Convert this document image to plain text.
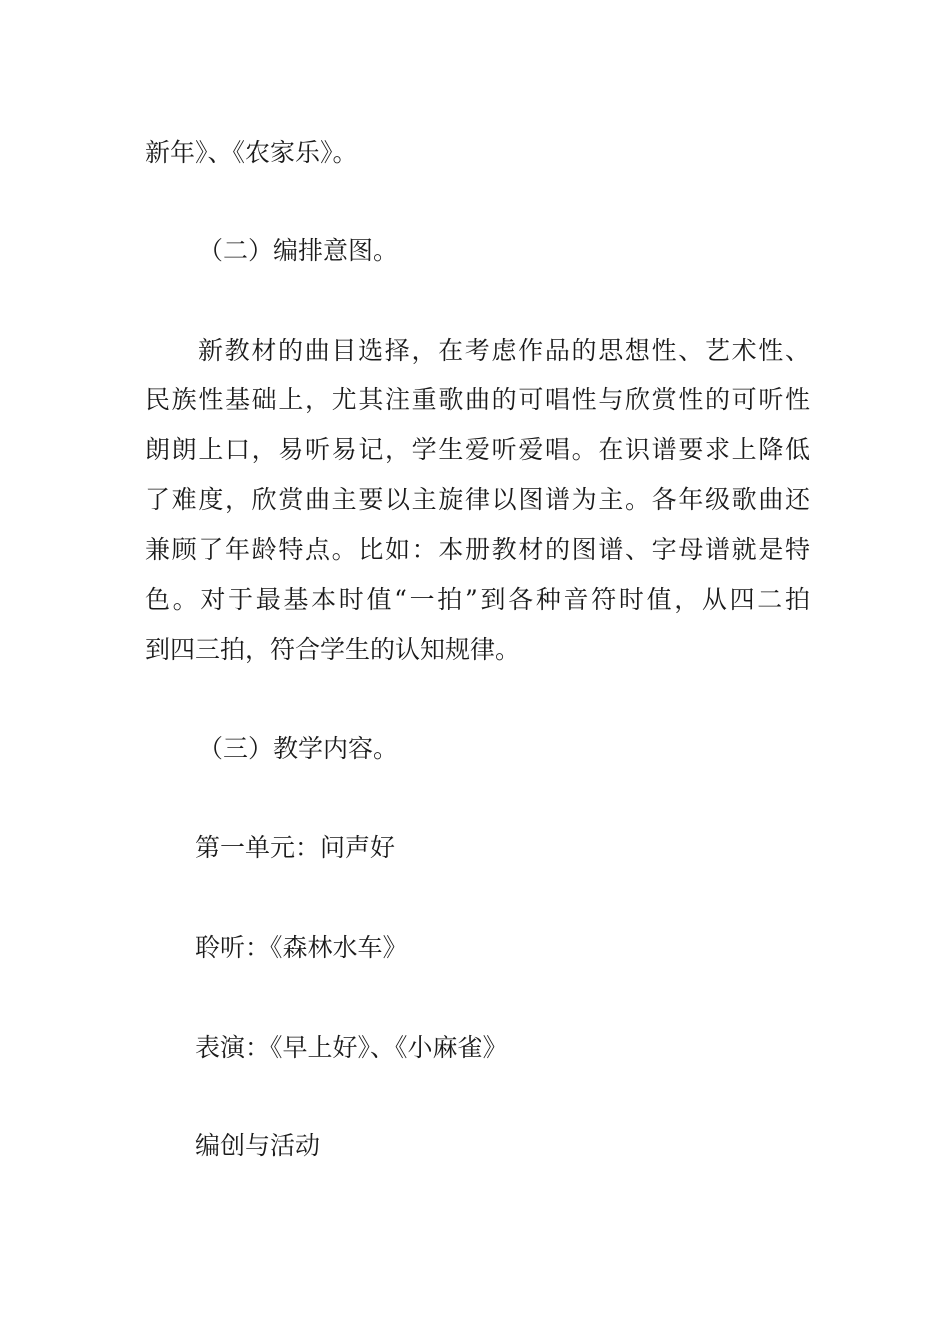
新年》、《农家乐》。
（二）编排意图。
新教材的曲目选择，在考虑作品的思想性、艺术性、
民族性基础上，尤其注重歌曲的可唱性与欣赏性的可听性
朗朗上口，易听易记，学生爱听爱唱。在识谱要求上降低
了难度，欣赏曲主要以主旋律以图谱为主。各年级歌曲还
兼顾了年龄特点。比如：本册教材的图谱、字母谱就是特
色。对于最基本时值“一拍”到各种音符时值，从四二拍
到四三拍，符合学生的认知规律。
（三）教学内容。
第一单元：问声好
聆听：《森林水车》
表演：《早上好》、《小麻雀》
编创与活动
